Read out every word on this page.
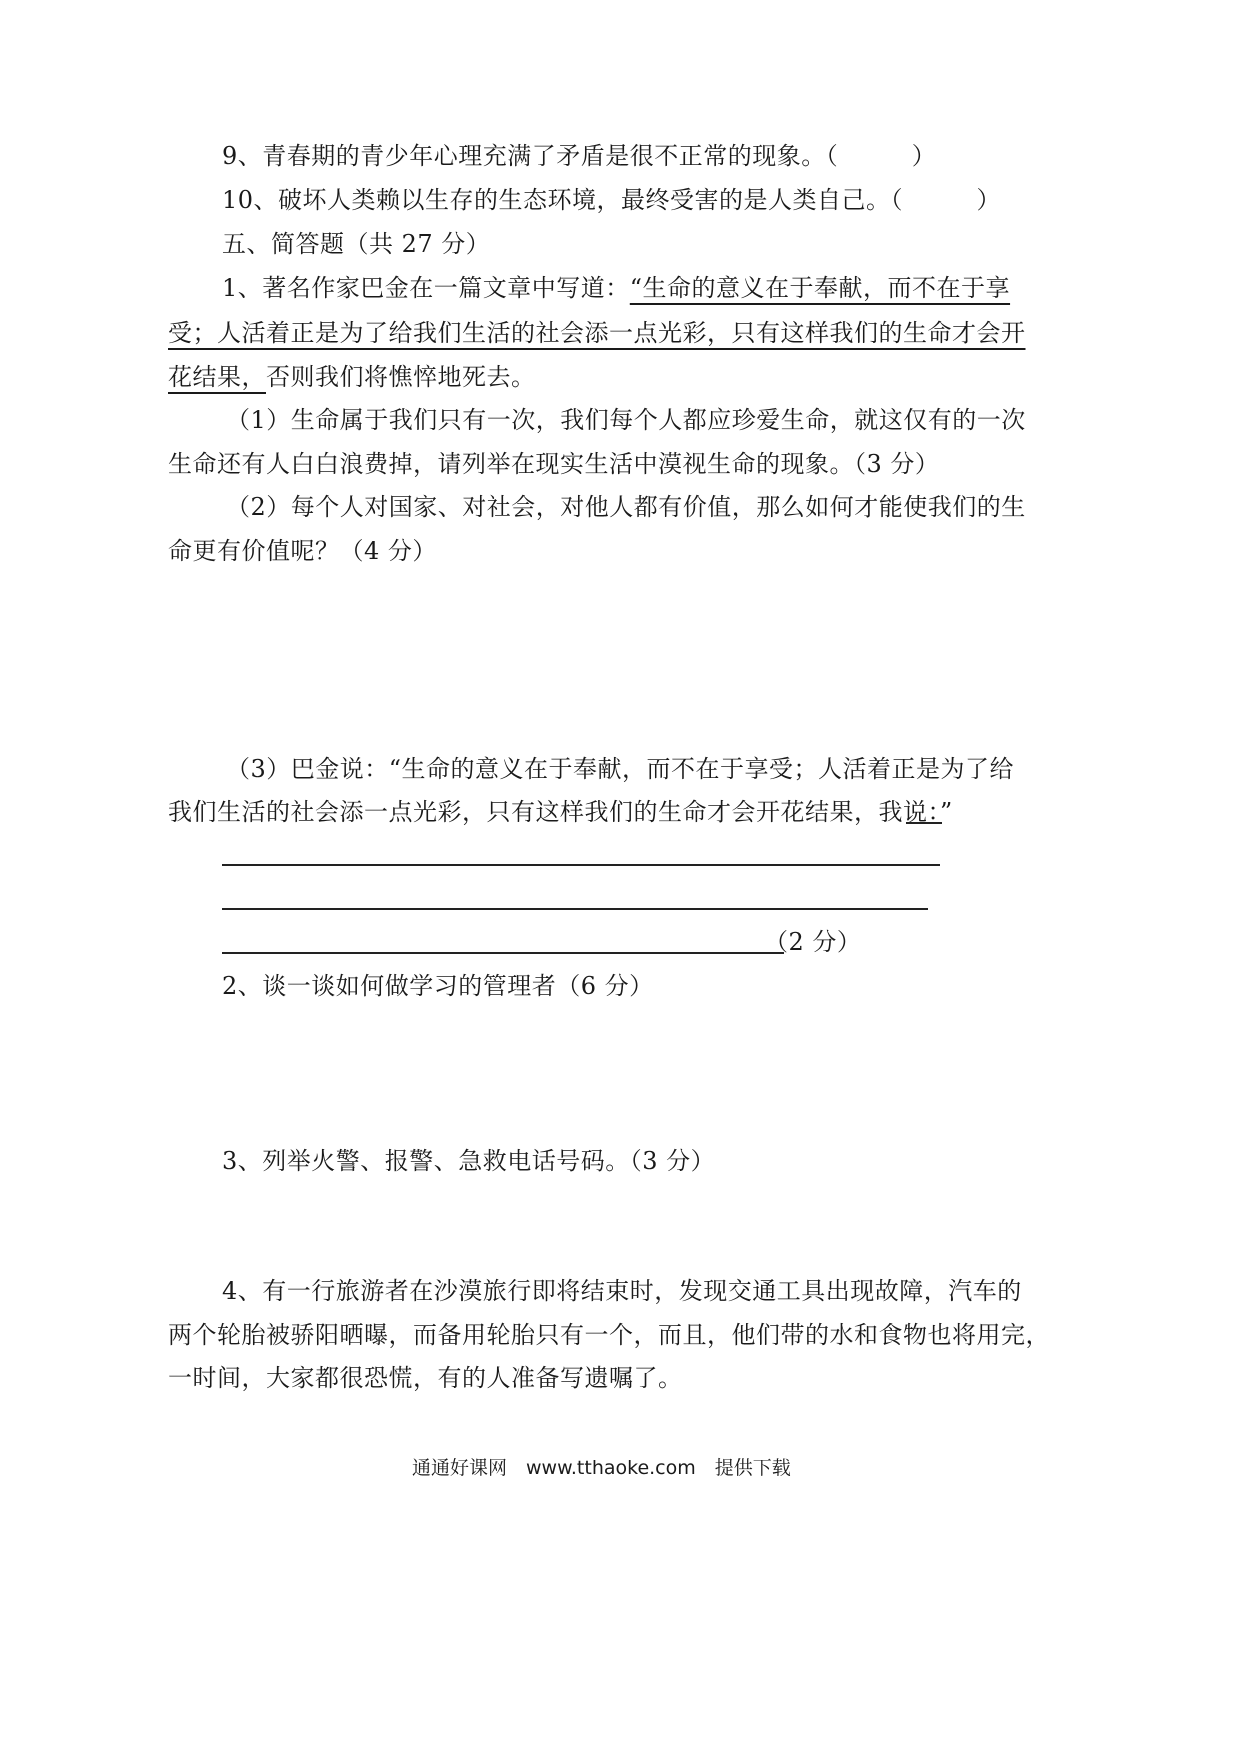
9、青春期的青少年心理充满了矛盾是很不正常的现象。（　　　）
10、破坏人类赖以生存的生态环境，最终受害的是人类自己。（　　　）
五、简答题（共 27 分）
1、著名作家巴金在一篇文章中写道：“生命的意义在于奉献，而不在于享
受；人活着正是为了给我们生活的社会添一点光彩，只有这样我们的生命才会开
花结果，否则我们将憔悴地死去。
（1）生命属于我们只有一次，我们每个人都应珍爱生命，就这仅有的一次
生命还有人白白浪费掉，请列举在现实生活中漠视生命的现象。（3 分）
（2）每个人对国家、对社会，对他人都有价值，那么如何才能使我们的生
命更有价值呢？（4 分）
（3）巴金说：“生命的意义在于奉献，而不在于享受；人活着正是为了给
我们生活的社会添一点光彩，只有这样我们的生命才会开花结果，我说：”
（2 分）
2、谈一谈如何做学习的管理者（6 分）
3、列举火警、报警、急救电话号码。（3 分）
4、有一行旅游者在沙漠旅行即将结束时，发现交通工具出现故障，汽车的
两个轮胎被骄阳晒曝，而备用轮胎只有一个，而且，他们带的水和食物也将用完，
一时间，大家都很恐慌，有的人准备写遗嘱了。
通通好课网　www.tthaoke.com　提供下载
